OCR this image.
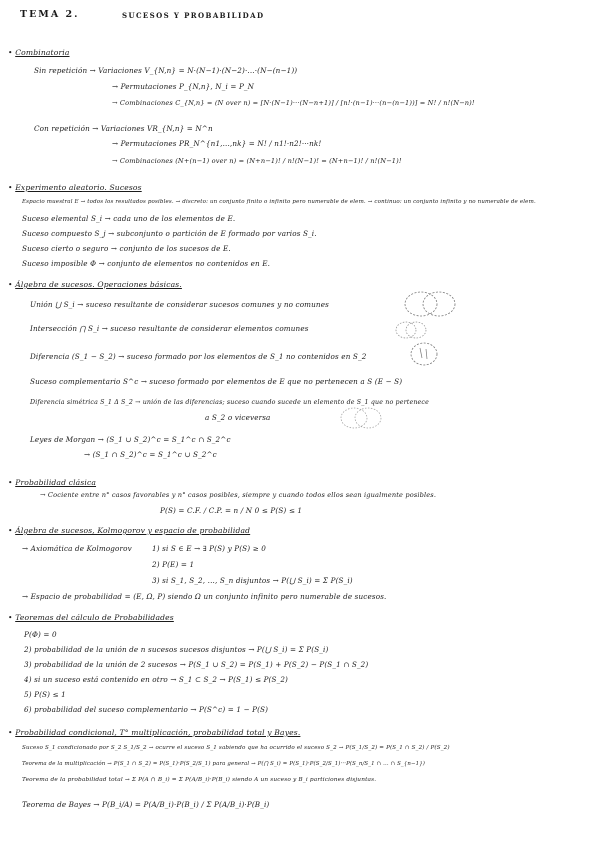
TEMA 2.	SUCESOS Y PROBABILIDAD
• Combinatoria
Sin repetición → Variaciones V_{N,n} = N·(N−1)·(N−2)·...·(N−(n−1))
→ Permutaciones P_{N,n}, N_i = P_N
→ Combinaciones C_{N,n} = (N over n) = [N·(N−1)···(N−n+1)] / [n!·(n−1)···(n−(n−1))] = N! / n!(N−n)!
Con repetición → Variaciones VR_{N,n} = N^n
→ Permutaciones PR_N^{n1,...,nk} = N! / n1!·n2!···nk!
→ Combinaciones (N+(n−1) over n) = (N+n−1)! / n!(N−1)! = (N+n−1)! / n!(N−1)!
• Experimento aleatorio. Sucesos
Espacio muestral E → todos los resultados posibles. → discreto: un conjunto finito o infinito pero numerable de elem. → continuo: un conjunto infinito y no numerable de elem.
Suceso elemental S_i → cada uno de los elementos de E.
Suceso compuesto S_j → subconjunto o partición de E formado por varios S_i.
Suceso cierto o seguro → conjunto de los sucesos de E.
Suceso imposible Φ → conjunto de elementos no contenidos en E.
• Álgebra de sucesos. Operaciones básicas.
Unión ⋃ S_i → suceso resultante de considerar sucesos comunes y no comunes
Intersección ⋂ S_i → suceso resultante de considerar elementos comunes
Diferencia (S_1 − S_2) → suceso formado por los elementos de S_1 no contenidos en S_2
Suceso complementario S^c → suceso formado por elementos de E que no pertenecen a S (E − S)
Diferencia simétrica S_1 Δ S_2 → unión de las diferencias; suceso cuando sucede un elemento de S_1 que no pertenece
a S_2 o viceversa
Leyes de Morgan → (S_1 ∪ S_2)^c = S_1^c ∩ S_2^c
→ (S_1 ∩ S_2)^c = S_1^c ∪ S_2^c
• Probabilidad clásica
→ Cociente entre n° casos favorables y n° casos posibles, siempre y cuando todos ellos sean igualmente posibles.
P(S) = C.F. / C.P. = n / N 0 ≤ P(S) ≤ 1
• Álgebra de sucesos, Kolmogorov y espacio de probabilidad
→ Axiomática de Kolmogorov	1) si S ∈ E → ∃ P(S) y P(S) ≥ 0
2) P(E) = 1
3) si S_1, S_2, ..., S_n disjuntos → P(⋃ S_i) = Σ P(S_i)
→ Espacio de probabilidad = (E, Ω, P) siendo Ω un conjunto infinito pero numerable de sucesos.
• Teoremas del cálculo de Probabilidades
P(Φ) = 0
2) probabilidad de la unión de n sucesos sucesos disjuntos → P(⋃ S_i) = Σ P(S_i)
3) probabilidad de la unión de 2 sucesos → P(S_1 ∪ S_2) = P(S_1) + P(S_2) − P(S_1 ∩ S_2)
4) si un suceso está contenido en otro → S_1 ⊂ S_2 → P(S_1) ≤ P(S_2)
5) P(S) ≤ 1
6) probabilidad del suceso complementario → P(S^c) = 1 − P(S)
• Probabilidad condicional, T° multiplicación, probabilidad total y Bayes.
Suceso S_1 condicionado por S_2 S_1/S_2 → ocurre el suceso S_1 sabiendo que ha ocurrido el suceso S_2 → P(S_1/S_2) = P(S_1 ∩ S_2) / P(S_2)
Teorema de la multiplicación → P(S_1 ∩ S_2) = P(S_1)·P(S_2/S_1) para general → P(⋂ S_i) = P(S_1)·P(S_2/S_1)···P(S_n/S_1 ∩ ... ∩ S_{n−1})
Teorema de la probabilidad total → Σ P(A ∩ B_i) = Σ P(A/B_i)·P(B_i) siendo A un suceso y B_i particiones disjuntas.
Teorema de Bayes → P(B_i/A) = P(A/B_i)·P(B_i) / Σ P(A/B_i)·P(B_i)
